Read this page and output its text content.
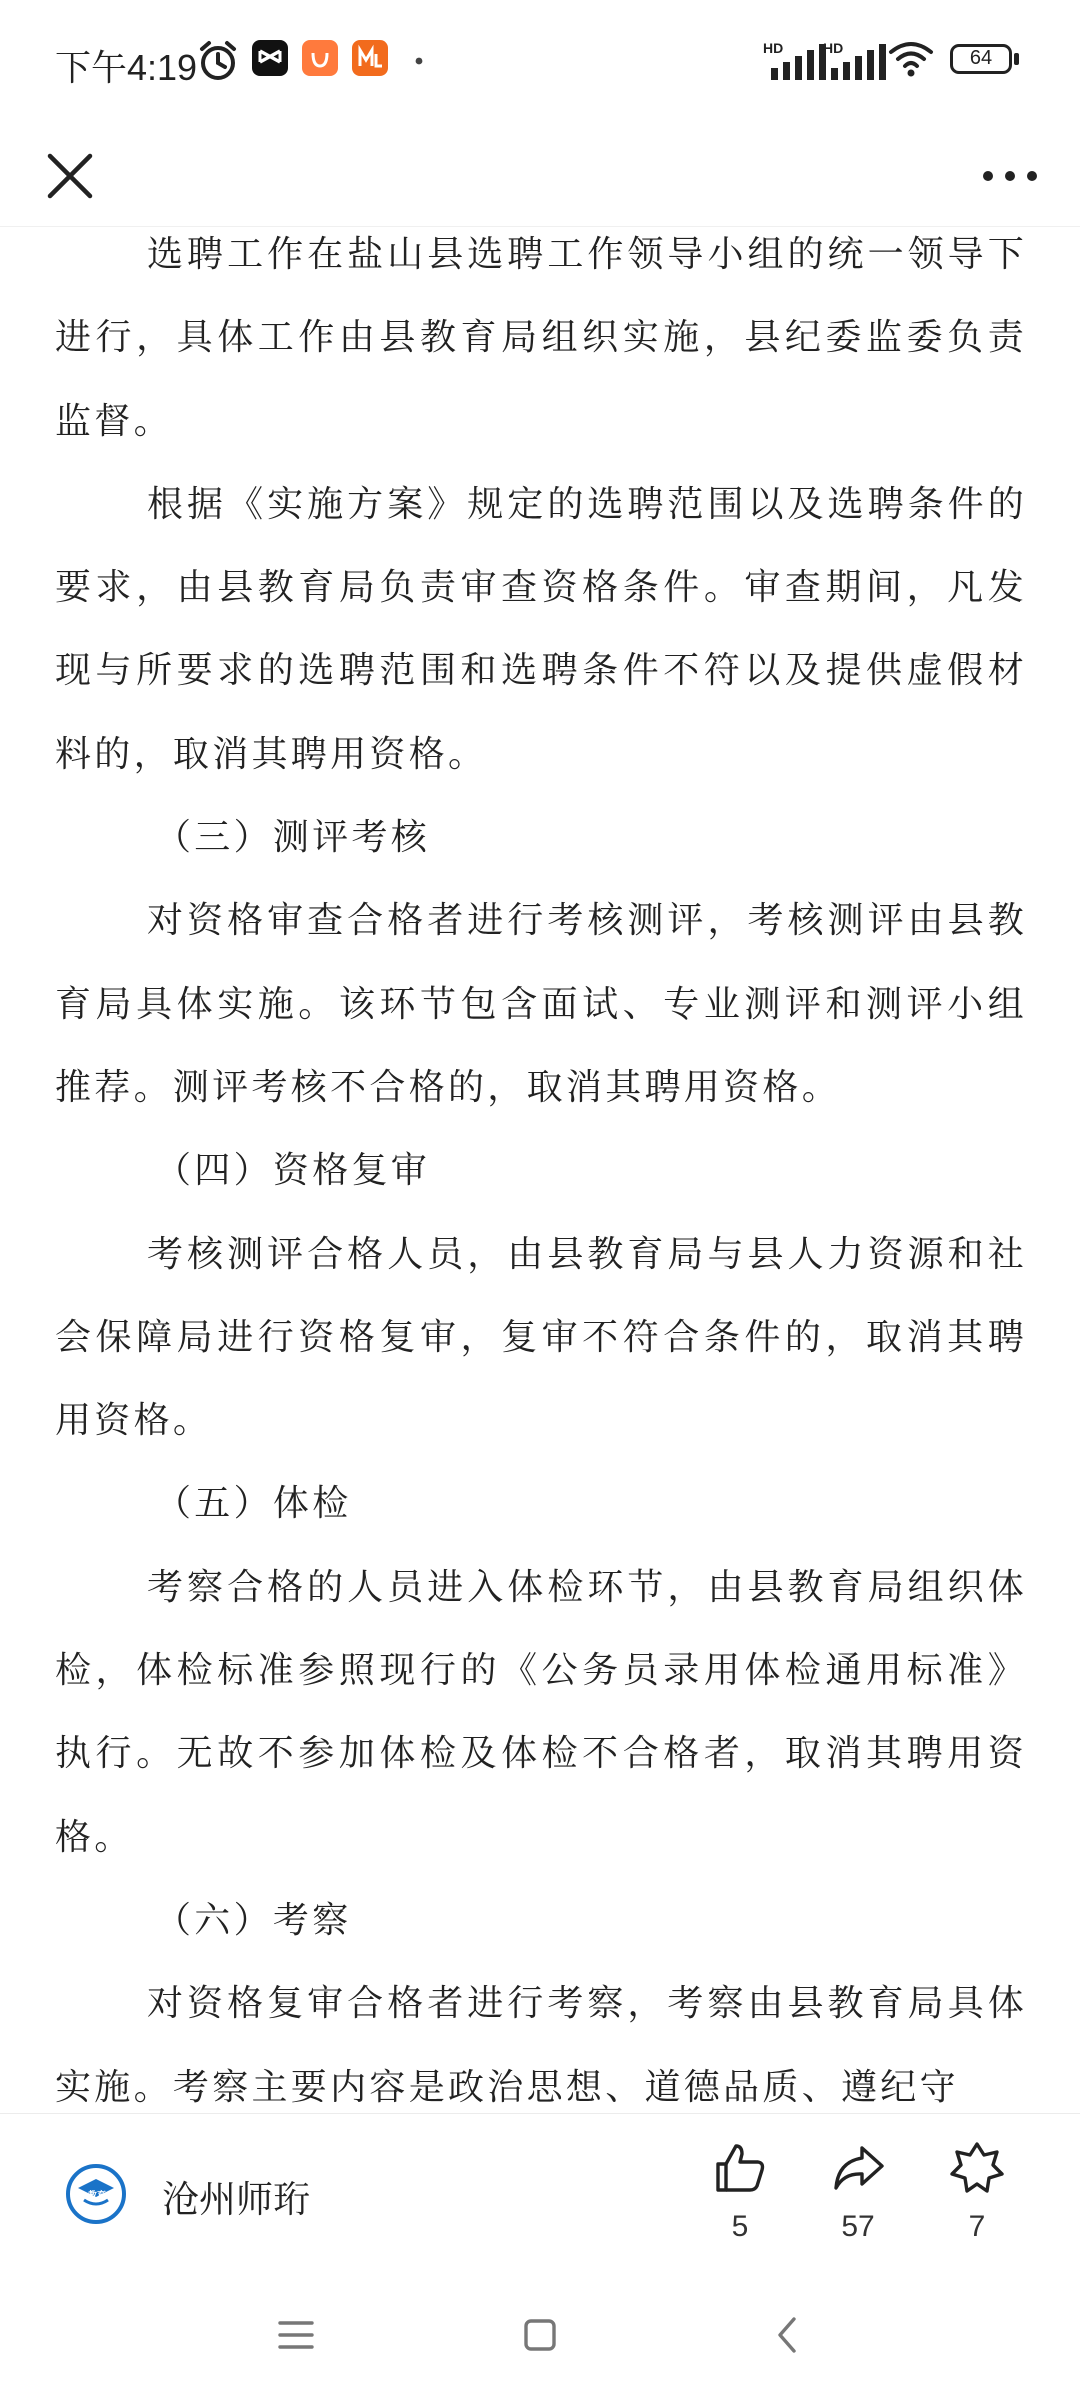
下午4:19	HD	HD	64

选聘工作在盐山县选聘工作领导小组的统一领导下进行，具体工作由县教育局组织实施，县纪委监委负责监督。

根据《实施方案》规定的选聘范围以及选聘条件的要求，由县教育局负责审查资格条件。审查期间，凡发现与所要求的选聘范围和选聘条件不符以及提供虚假材料的，取消其聘用资格。

（三）测评考核

对资格审查合格者进行考核测评，考核测评由县教育局具体实施。该环节包含面试、专业测评和测评小组推荐。测评考核不合格的，取消其聘用资格。

（四）资格复审

考核测评合格人员，由县教育局与县人力资源和社会保障局进行资格复审，复审不符合条件的，取消其聘用资格。

（五）体检

考察合格的人员进入体检环节，由县教育局组织体检，体检标准参照现行的《公务员录用体检通用标准》执行。无故不参加体检及体检不合格者，取消其聘用资格。

（六）考察

对资格复审合格者进行考察，考察由县教育局具体实施。考察主要内容是政治思想、道德品质、遵纪守

教育 沧州师珩
5	57	7
